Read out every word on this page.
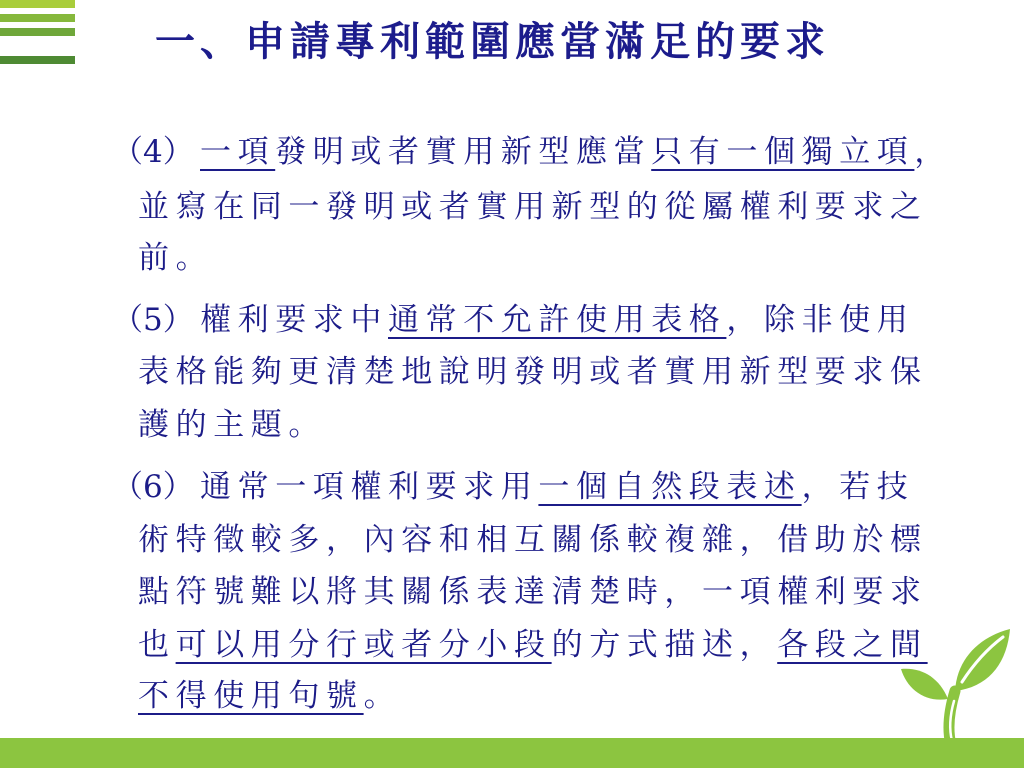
一、申請專利範圍應當滿足的要求
（4） 一項發明或者實用新型應當只有一個獨立項，
並寫在同一發明或者實用新型的從屬權利要求之
前。
（5） 權利要求中通常不允許使用表格，除非使用
表格能夠更清楚地說明發明或者實用新型要求保
護的主題。
（6） 通常一項權利要求用一個自然段表述，若技
術特徵較多，內容和相互關係較複雜，借助於標
點符號難以將其關係表達清楚時，一項權利要求
也可以用分行或者分小段的方式描述，各段之間
不得使用句號。
